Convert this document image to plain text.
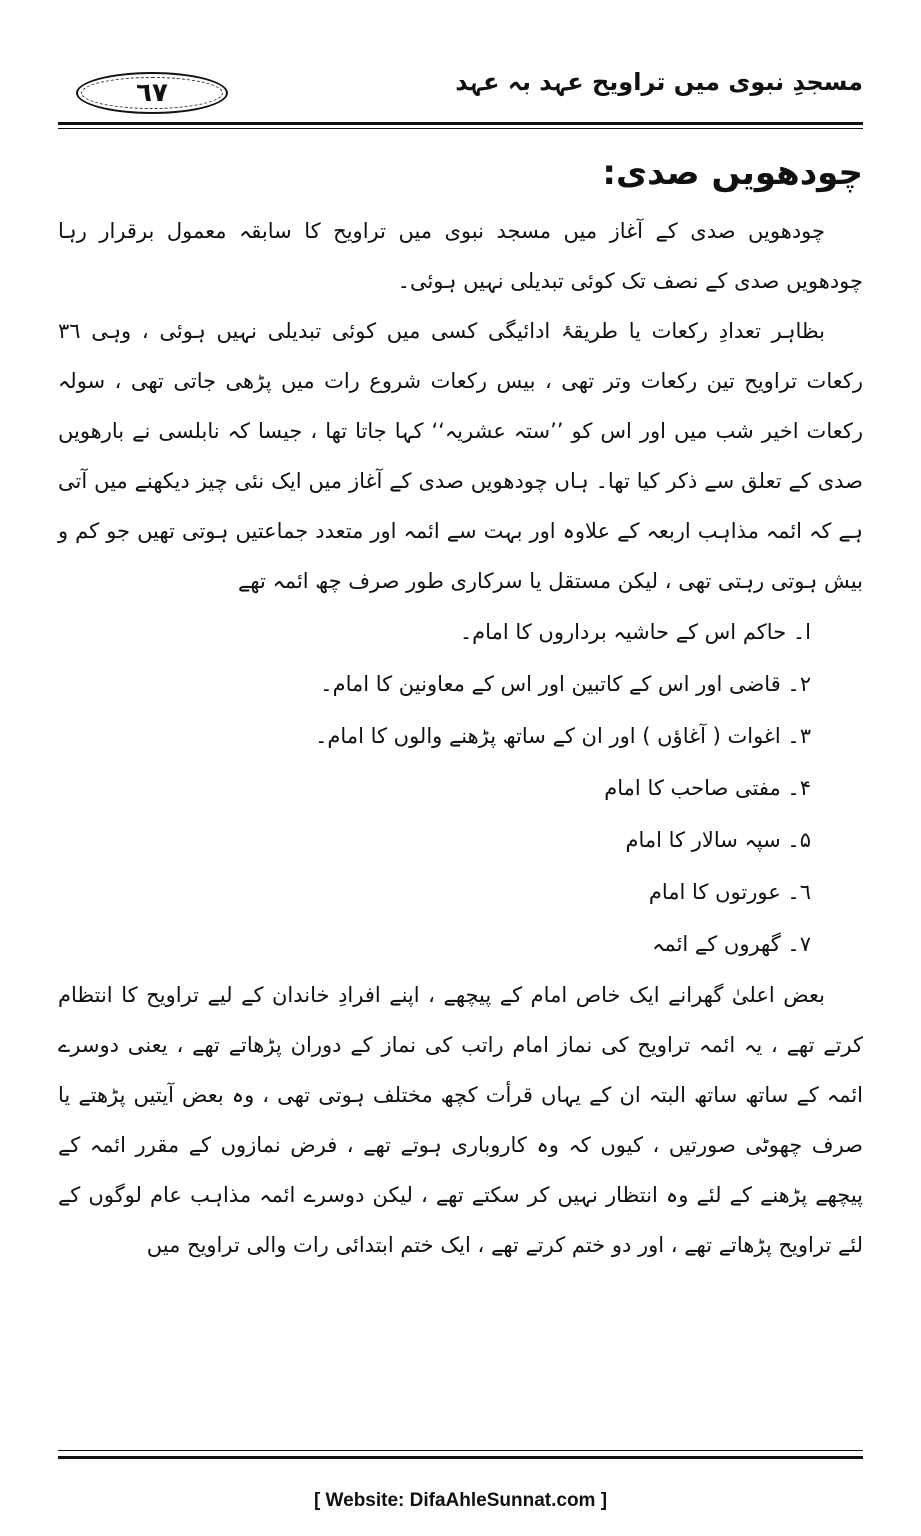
مسجدِ نبوی میں تراویح عہد بہ عہد
٦٧
چودھویں صدی:

چودھویں صدی کے آغاز میں مسجد نبوی میں تراویح کا سابقہ معمول برقرار رہا چودھویں صدی کے نصف تک کوئی تبدیلی نہیں ہوئی۔

بظاہر تعدادِ رکعات یا طریقۂ ادائیگی کسی میں کوئی تبدیلی نہیں ہوئی ، وہی ۳٦ رکعات تراویح تین رکعات وتر تھی ، بیس رکعات شروع رات میں پڑھی جاتی تھی ، سولہ رکعات اخیر شب میں اور اس کو ’’ستہ عشریہ‘‘ کہا جاتا تھا ، جیسا کہ نابلسی نے بارھویں صدی کے تعلق سے ذکر کیا تھا۔ ہاں چودھویں صدی کے آغاز میں ایک نئی چیز دیکھنے میں آتی ہے کہ ائمہ مذاہب اربعہ کے علاوہ اور بہت سے ائمہ اور متعدد جماعتیں ہوتی تھیں جو کم و بیش ہوتی رہتی تھی ، لیکن مستقل یا سرکاری طور صرف چھ ائمہ تھے

ا۔ حاکم اس کے حاشیہ برداروں کا امام۔
۲۔ قاضی اور اس کے کاتبین اور اس کے معاونین کا امام۔
۳۔ اغوات ( آغاؤں ) اور ان کے ساتھ پڑھنے والوں کا امام۔
۴۔ مفتی صاحب کا امام
۵۔ سپہ سالار کا امام
٦۔ عورتوں کا امام
۷۔ گھروں کے ائمہ

بعض اعلیٰ گھرانے ایک خاص امام کے پیچھے ، اپنے افرادِ خاندان کے لیے تراویح کا انتظام کرتے تھے ، یہ ائمہ تراویح کی نماز امام راتب کی نماز کے دوران پڑھاتے تھے ، یعنی دوسرے ائمہ کے ساتھ ساتھ البتہ ان کے یہاں قرأت کچھ مختلف ہوتی تھی ، وہ بعض آیتیں پڑھتے یا صرف چھوٹی صورتیں ، کیوں کہ وہ کاروباری ہوتے تھے ، فرض نمازوں کے مقرر ائمہ کے پیچھے پڑھنے کے لئے وہ انتظار نہیں کر سکتے تھے ، لیکن دوسرے ائمہ مذاہب عام لوگوں کے لئے تراویح پڑھاتے تھے ، اور دو ختم کرتے تھے ، ایک ختم ابتدائی رات والی تراویح میں

[ Website: DifaAhleSunnat.com ]
